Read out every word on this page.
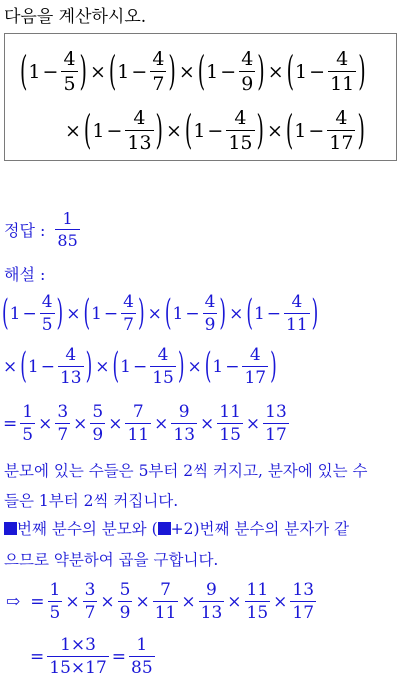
다음을 계산하시오.
( $1 - \frac{4}{5}$ ) × ( $1 - \frac{4}{7}$ ) × ( $1 - \frac{4}{9}$ ) × ( $1 - \frac{4}{11}$ )
× ( $1 - \frac{4}{13}$ ) × ( $1 - \frac{4}{15}$ ) × ( $1 - \frac{4}{17}$ )
정답 : $\frac{1}{85}$
해설 :
( $1 - \frac{4}{5}$ ) × ( $1 - \frac{4}{7}$ ) × ( $1 - \frac{4}{9}$ ) × ( $1 - \frac{4}{11}$ )
× ( $1 - \frac{4}{13}$ ) × ( $1 - \frac{4}{15}$ ) × ( $1 - \frac{4}{17}$ )
= $\frac{1}{5} \times \frac{3}{7} \times \frac{5}{9} \times \frac{7}{11} \times \frac{9}{13} \times \frac{11}{15} \times \frac{13}{17}$
분모에 있는 수들은 5부터 2씩 커지고, 분자에 있는 수
들은 1부터 2씩 커집니다.
번째 분수의 분모와 ( +2)번째 분수의 분자가 같
으므로 약분하여 곱을 구합니다.
⇨ = $\frac{1}{5} \times \frac{3}{7} \times \frac{5}{9} \times \frac{7}{11} \times \frac{9}{13} \times \frac{11}{15} \times \frac{13}{17}$
= $\frac{1\times 3}{15\times 17} = \frac{1}{85}$
